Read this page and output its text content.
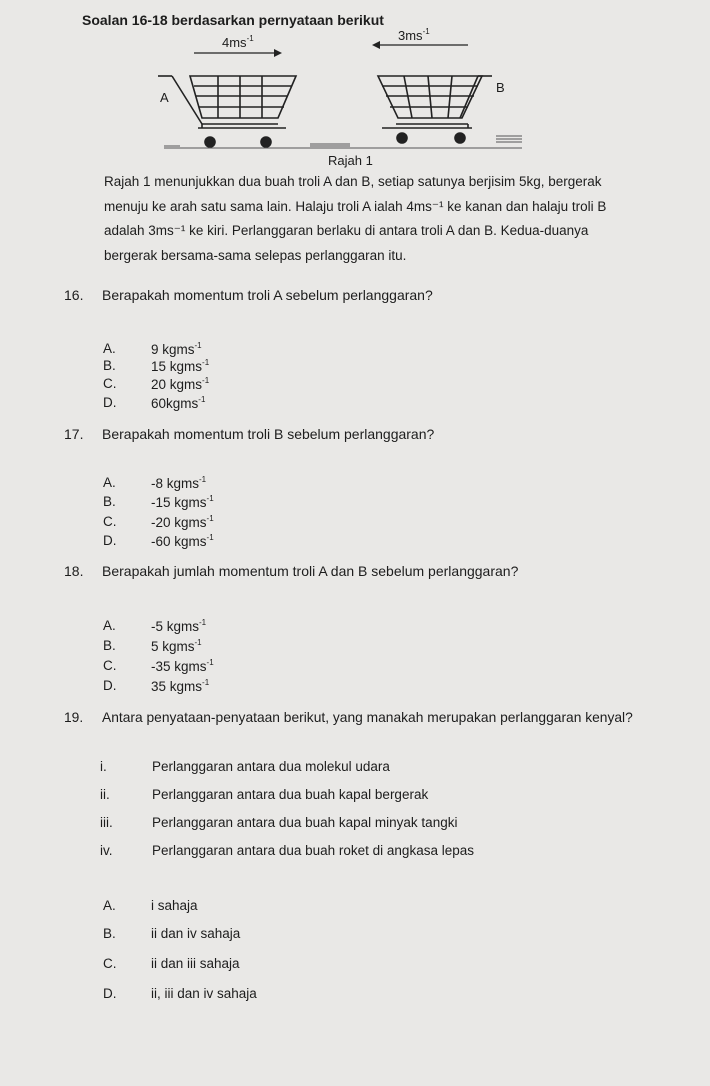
Soalan 16-18 berdasarkan pernyataan berikut
$4ms^{-1}$	$3ms^{-1}$
A
B
Rajah 1
Rajah 1 menunjukkan dua buah troli A dan B, setiap satunya berjisim 5kg, bergerak
menuju ke arah satu sama lain. Halaju troli A ialah 4ms⁻¹ ke kanan dan halaju troli B
adalah 3ms⁻¹ ke kiri. Perlanggaran berlaku di antara troli A dan B. Kedua-duanya
bergerak bersama-sama selepas perlanggaran itu.
16. Berapakah momentum troli A sebelum perlanggaran?
A.	9 kgms$^{-1}$
B.	15 kgms$^{-1}$
C.	20 kgms$^{-1}$
D.	60kgms$^{-1}$
17. Berapakah momentum troli B sebelum perlanggaran?
A.	-8 kgms$^{-1}$
B.	-15 kgms$^{-1}$
C.	-20 kgms$^{-1}$
D.	-60 kgms$^{-1}$
18. Berapakah jumlah momentum troli A dan B sebelum perlanggaran?
A.	-5 kgms$^{-1}$
B.	5 kgms$^{-1}$
C.	-35 kgms$^{-1}$
D.	35 kgms$^{-1}$
19. Antara penyataan-penyataan berikut, yang manakah merupakan perlanggaran kenyal?
i.	Perlanggaran antara dua molekul udara
ii.	Perlanggaran antara dua buah kapal bergerak
iii.	Perlanggaran antara dua buah kapal minyak tangki
iv.	Perlanggaran antara dua buah roket di angkasa lepas
A.	i sahaja
B.	ii dan iv sahaja
C.	ii dan iii sahaja
D.	ii, iii dan iv sahaja
